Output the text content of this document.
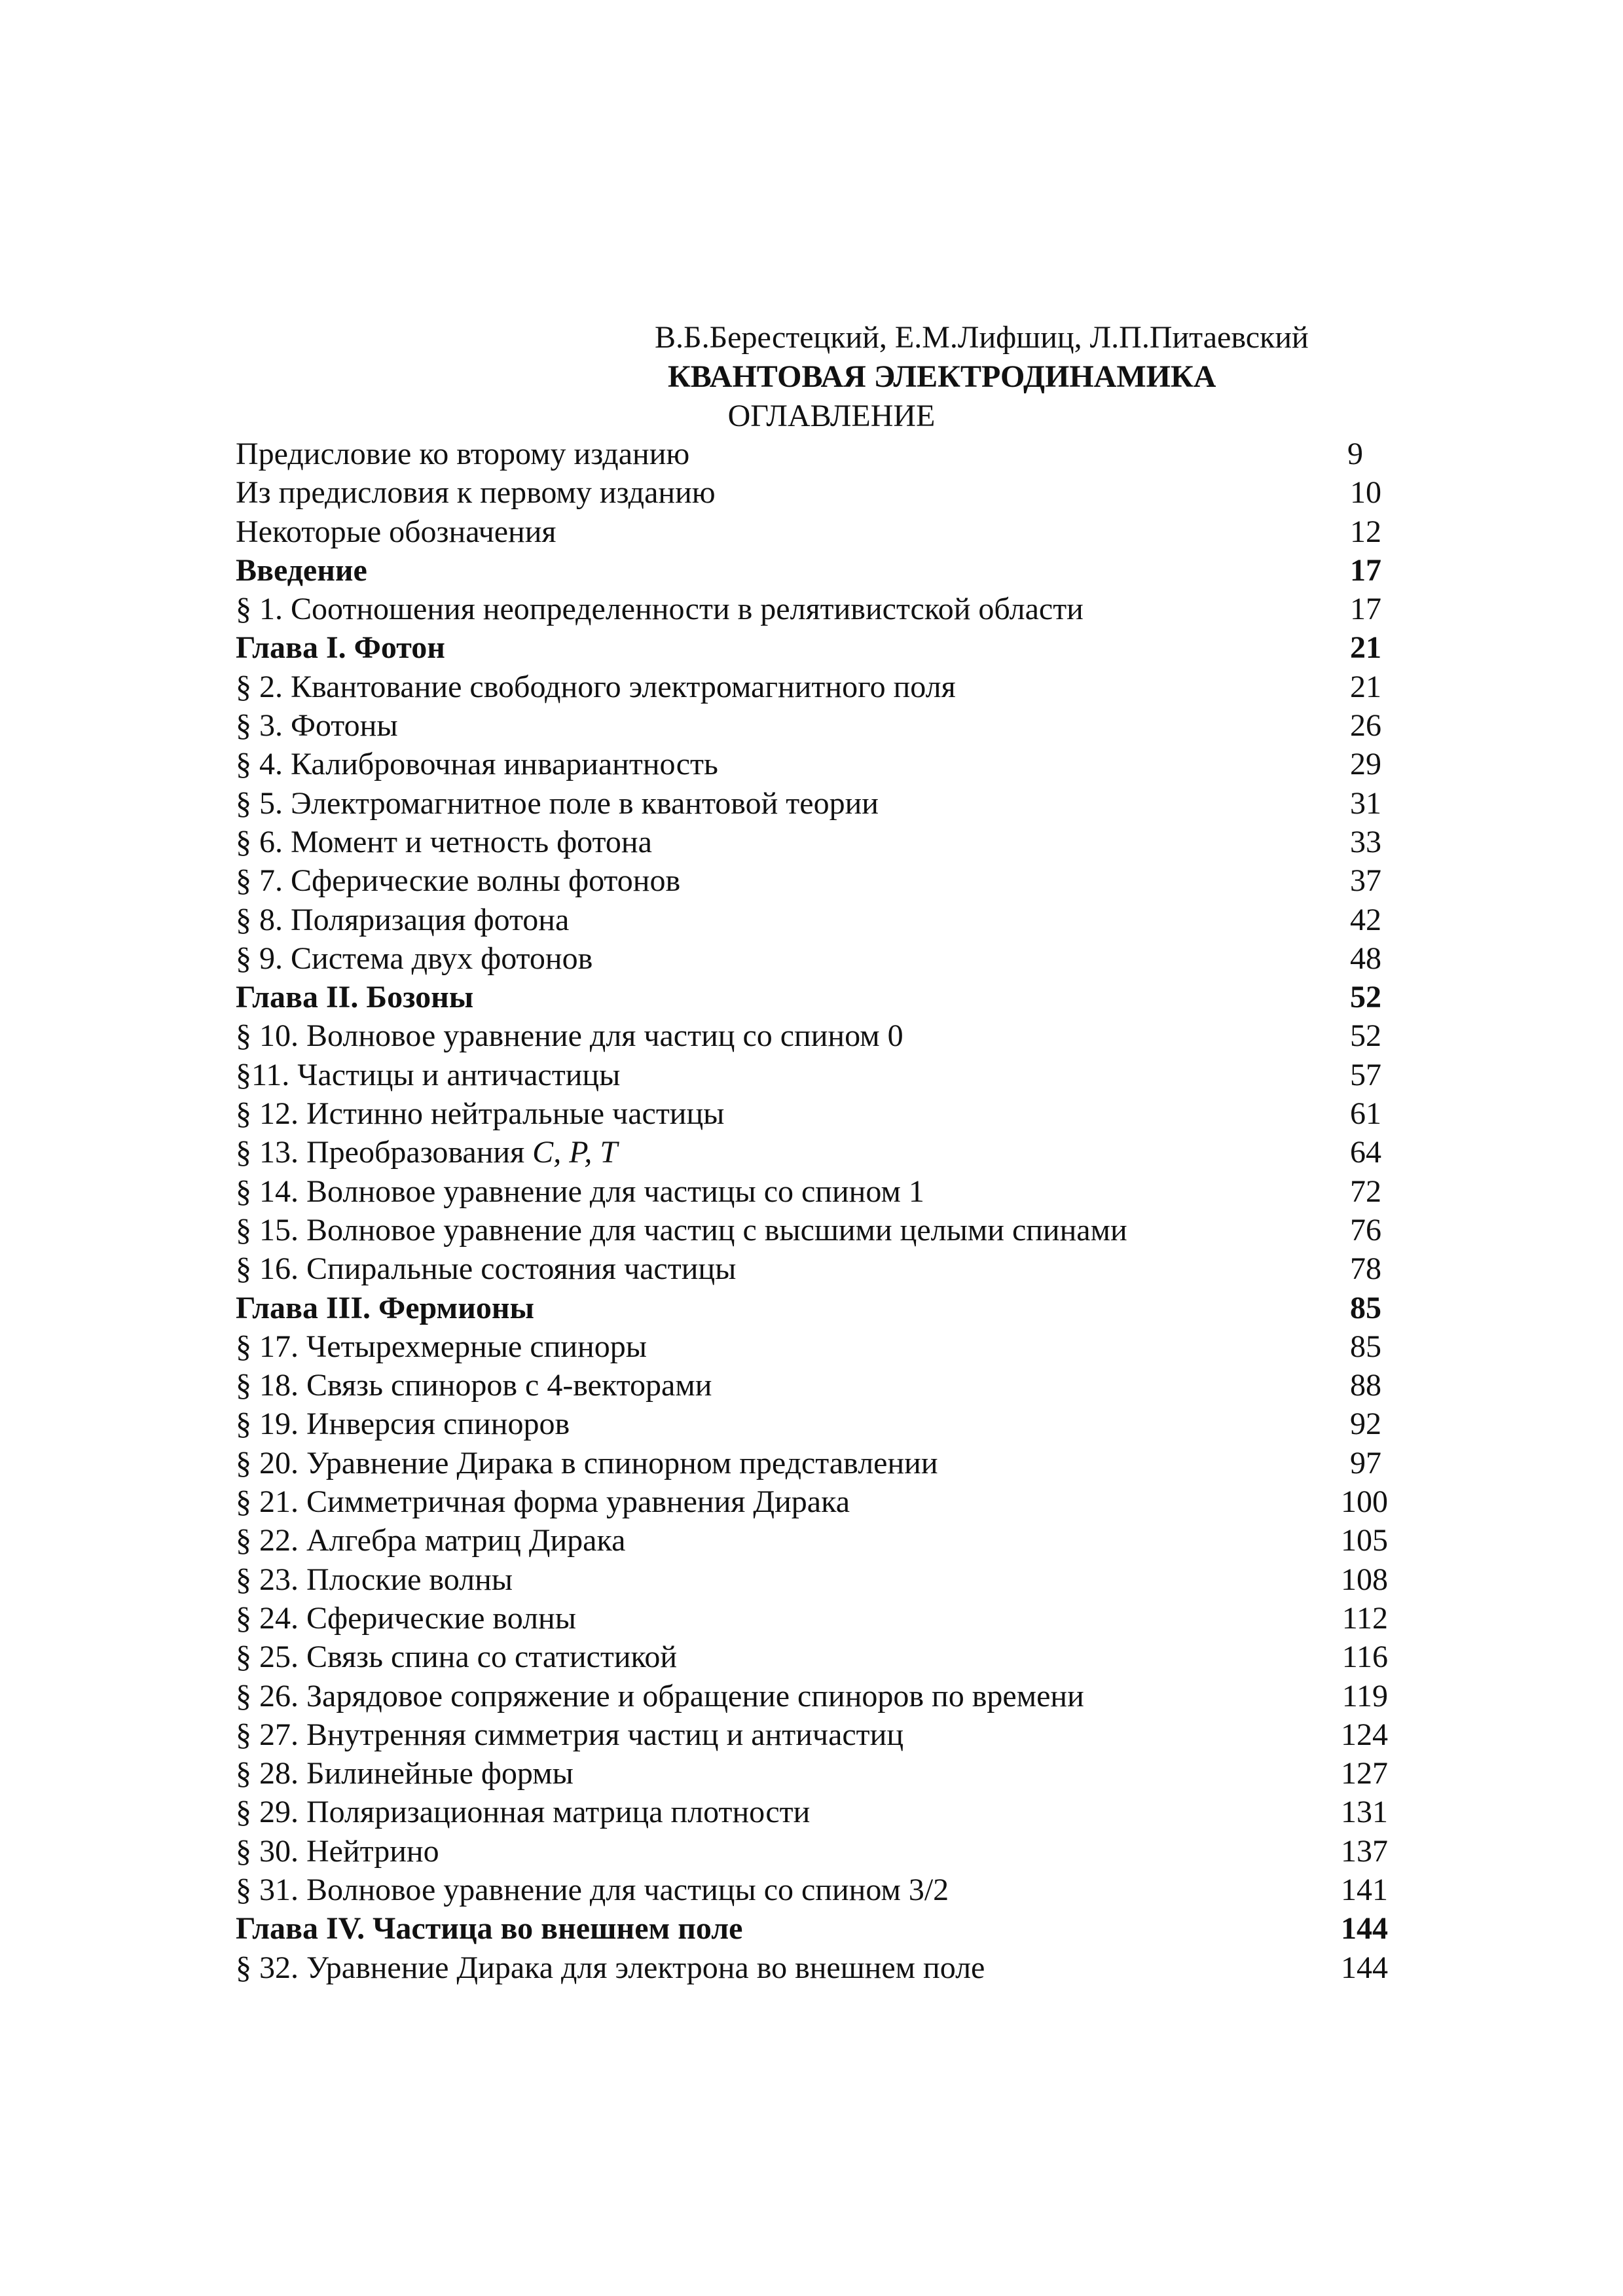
В.Б.Берестецкий, Е.М.Лифшиц, Л.П.Питаевский
КВАНТОВАЯ ЭЛЕКТРОДИНАМИКА
ОГЛАВЛЕНИЕ
Предисловие ко второму изданию	9
Из предисловия к первому изданию	10
Некоторые обозначения	12
Введение	17
§ 1. Соотношения неопределенности в релятивистской области	17
Глава I. Фотон	21
§ 2. Квантование свободного электромагнитного поля	21
§ 3. Фотоны	26
§ 4. Калибровочная инвариантность	29
§ 5. Электромагнитное поле в квантовой теории	31
§ 6. Момент и четность фотона	33
§ 7. Сферические волны фотонов	37
§ 8. Поляризация фотона	42
§ 9. Система двух фотонов	48
Глава II. Бозоны	52
§ 10. Волновое уравнение для частиц со спином 0	52
§11. Частицы и античастицы	57
§ 12. Истинно нейтральные частицы	61
§ 13. Преобразования C, P, T	64
§ 14. Волновое уравнение для частицы со спином 1	72
§ 15. Волновое уравнение для частиц с высшими целыми спинами	76
§ 16. Спиральные состояния частицы	78
Глава III. Фермионы	85
§ 17. Четырехмерные спиноры	85
§ 18. Связь спиноров с 4-векторами	88
§ 19. Инверсия спиноров	92
§ 20. Уравнение Дирака в спинорном представлении	97
§ 21. Симметричная форма уравнения Дирака	100
§ 22. Алгебра матриц Дирака	105
§ 23. Плоские волны	108
§ 24. Сферические волны	112
§ 25. Связь спина со статистикой	116
§ 26. Зарядовое сопряжение и обращение спиноров по времени	119
§ 27. Внутренняя симметрия частиц и античастиц	124
§ 28. Билинейные формы	127
§ 29. Поляризационная матрица плотности	131
§ 30. Нейтрино	137
§ 31. Волновое уравнение для частицы со спином 3/2	141
Глава IV. Частица во внешнем поле	144
§ 32. Уравнение Дирака для электрона во внешнем поле	144
